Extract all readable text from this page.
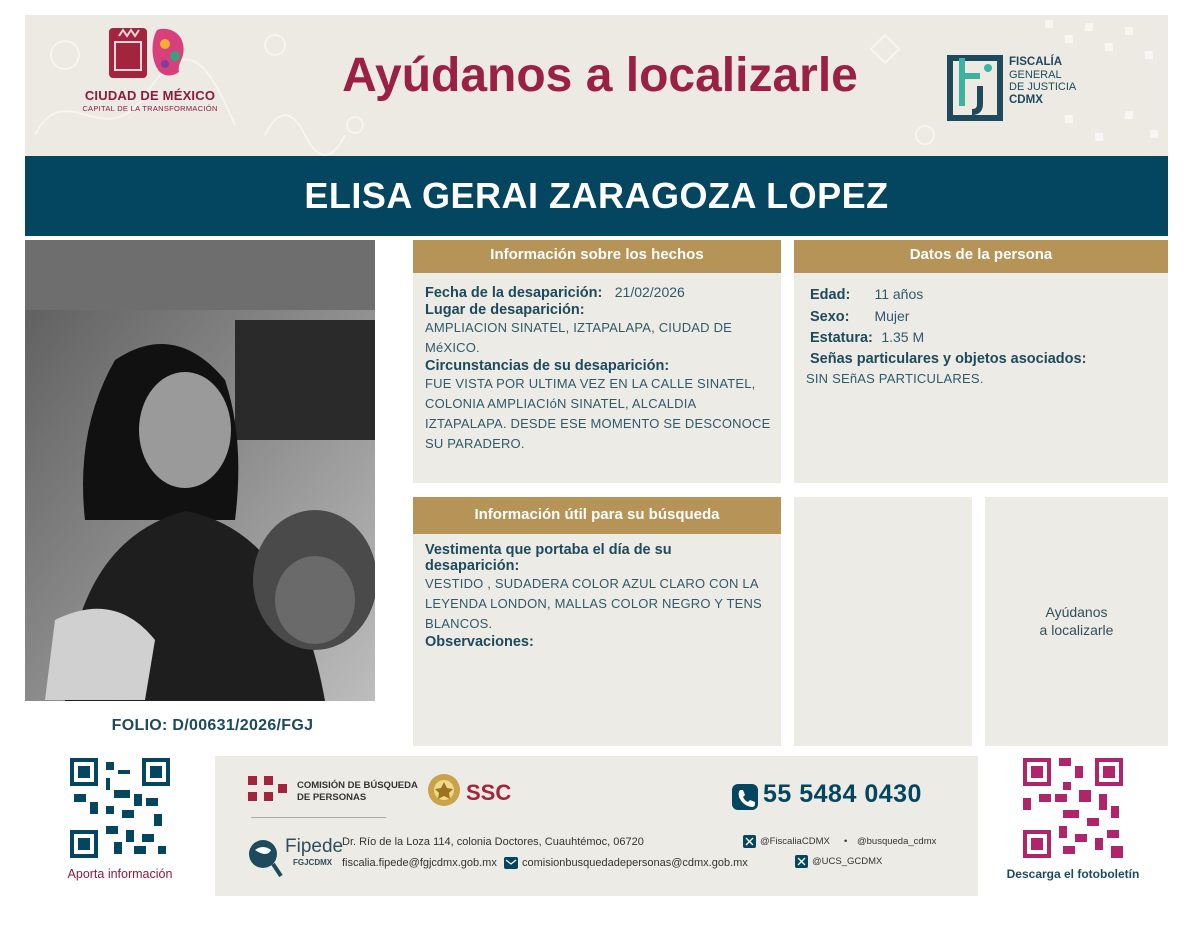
CIUDAD DE MÉXICO
CAPITAL DE LA TRANSFORMACIÓN
Ayúdanos a localizarle	FISCALÍA
GENERAL
DE JUSTICIA

CDMX
ELISA GERAI ZARAGOZA LOPEZ
FOLIO: D/00631/2026/FGJ
Información sobre los hechos
Fecha de la desaparición: 21/02/2026
Lugar de desaparición:
AMPLIACION SINATEL, IZTAPALAPA, CIUDAD DE
MéXICO.
Circunstancias de su desaparición:
FUE VISTA POR ULTIMA VEZ EN LA CALLE SINATEL,
COLONIA AMPLIACIóN SINATEL, ALCALDIA
IZTAPALAPA. DESDE ESE MOMENTO SE DESCONOCE
SU PARADERO.
Datos de la persona
Edad: 11 años
Sexo: Mujer
Estatura: 1.35 M
Señas particulares y objetos asociados:
SIN SEñAS PARTICULARES.
Información útil para su búsqueda
Vestimenta que portaba el día de su
desaparición:
VESTIDO , SUDADERA COLOR AZUL CLARO CON LA
LEYENDA LONDON, MALLAS COLOR NEGRO Y TENS
BLANCOS.
Observaciones:
Ayúdanos
a localizarle
Aporta información
COMISIÓN DE BÚSQUEDA
DE PERSONAS	SSC	55 5484 0430
Fipede
FGJCDMX
Dr. Río de la Loza 114, colonia Doctores, Cuauhtémoc, 06720
fiscalia.fipede@fgjcdmx.gob.mx comisionbusquedadepersonas@cdmx.gob.mx
@FiscaliaCDMX • @busqueda_cdmx
@UCS_GCDMX
Descarga el fotoboletín
